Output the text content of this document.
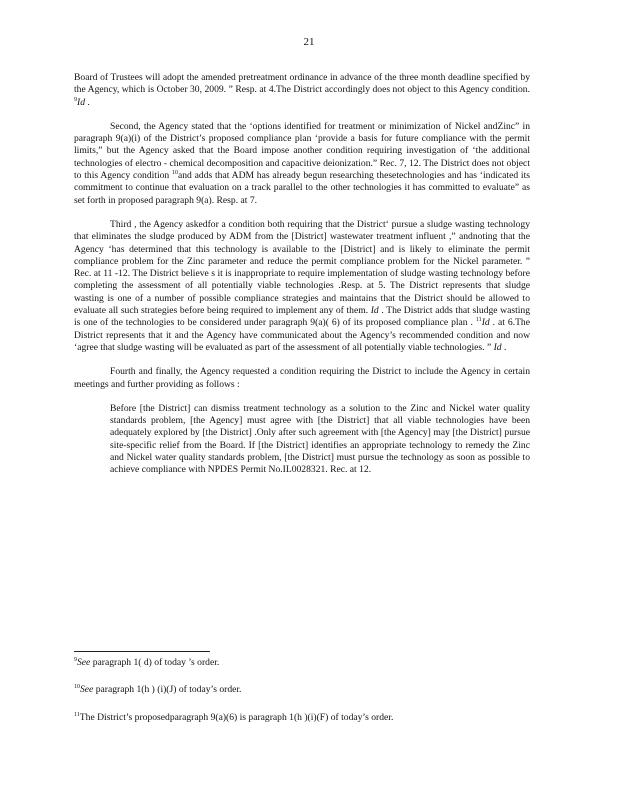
21

Board of Trustees will adopt the amended pretreatment ordinance in advance of the three month deadline specified by the Agency, which is October 30, 2009. ” Resp. at 4.The District accordingly does not object to this Agency condition. $^9$Id .

Second, the Agency stated that the ‘options identified for treatment or minimization of Nickel andZinc” in paragraph 9(a)(i) of the District’s proposed compliance plan ‘provide a basis for future compliance with the permit limits,” but the Agency asked that the Board impose another condition requiring investigation of ‘the additional technologies of electro - chemical decomposition and capacitive deionization.” Rec. 7, 12. The District does not object to this Agency condition $^{10}$and adds that ADM has already begun researching thesetechnologies and has ‘indicated its commitment to continue that evaluation on a track parallel to the other technologies it has committed to evaluate” as set forth in proposed paragraph 9(a). Resp. at 7.

Third , the Agency askedfor a condition both requiring that the District‘ pursue a sludge wasting technology that eliminates the sludge produced by ADM from the [District] wastewater treatment influent ,” andnoting that the Agency ‘has determined that this technology is available to the [District] and is likely to eliminate the permit compliance problem for the Zinc parameter and reduce the permit compliance problem for the Nickel parameter. ” Rec. at 11 -12. The District believe s it is inappropriate to require implementation of sludge wasting technology before completing the assessment of all potentially viable technologies .Resp. at 5. The District represents that sludge wasting is one of a number of possible compliance strategies and maintains that the District should be allowed to evaluate all such strategies before being required to implement any of them. Id . The District adds that sludge wasting is one of the technologies to be considered under paragraph 9(a)( 6) of its proposed compliance plan . $^{11}$Id . at 6.The District represents that it and the Agency have communicated about the Agency’s recommended condition and now ‘agree that sludge wasting will be evaluated as part of the assessment of all potentially viable technologies. ” Id .

Fourth and finally, the Agency requested a condition requiring the District to include the Agency in certain meetings and further providing as follows :

Before [the District] can dismiss treatment technology as a solution to the Zinc and Nickel water quality standards problem, [the Agency] must agree with [the District] that all viable technologies have been adequately explored by [the District] .Only after such agreement with [the Agency] may [the District] pursue site-specific relief from the Board. If [the District] identifies an appropriate technology to remedy the Zinc and Nickel water quality standards problem, [the District] must pursue the technology as soon as possible to achieve compliance with NPDES Permit No.IL0028321. Rec. at 12.

$^9$See paragraph 1( d) of today ’s order.
$^{10}$See paragraph 1(h ) (i)(J) of today’s order.
$^{11}$The District’s proposedparagraph 9(a)(6) is paragraph 1(h )(i)(F) of today’s order.
